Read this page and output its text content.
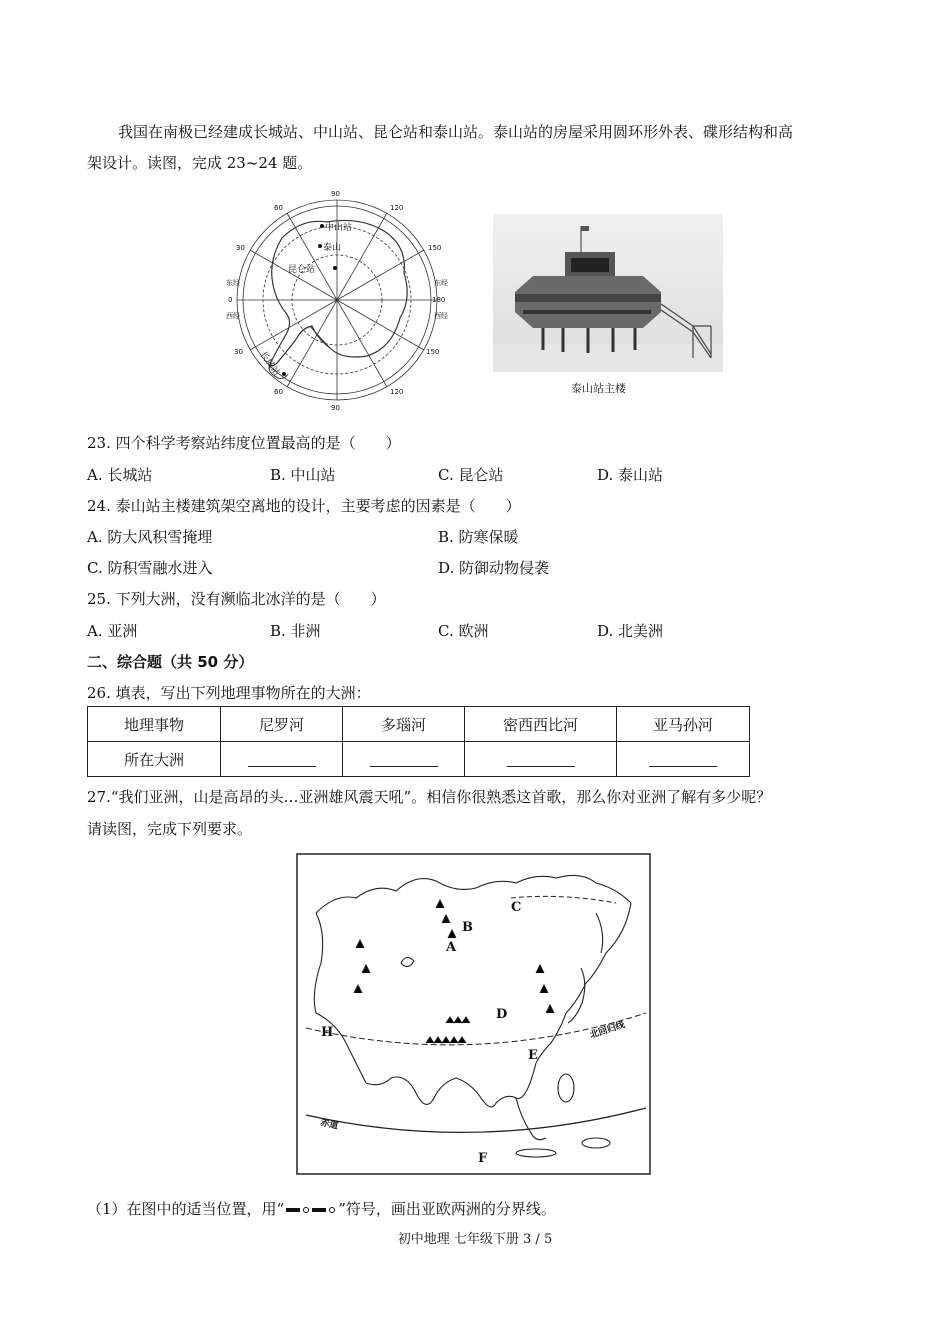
我国在南极已经建成长城站、中山站、昆仑站和泰山站。泰山站的房屋采用圆环形外表、碟形结构和高
架设计。读图，完成 23~24 题。
中山站
泰山
昆仑站
长城站
90
90
60	120
30	150
东经
0
西经
东经
180
西经
30	150
60	120	泰山站主楼
23. 四个科学考察站纬度位置最高的是（　　）
A. 长城站	B. 中山站	C. 昆仑站	D. 泰山站
24. 泰山站主楼建筑架空离地的设计，主要考虑的因素是（　　）
A. 防大风积雪掩埋	B. 防寒保暖
C. 防积雪融水进入	D. 防御动物侵袭
25. 下列大洲，没有濒临北冰洋的是（　　）
A. 亚洲	B. 非洲	C. 欧洲	D. 北美洲
二、综合题（共 50 分）
26. 填表，写出下列地理事物所在的大洲：
地理事物	尼罗河	多瑙河	密西西比河	亚马孙河
所在大洲				
27.“我们亚洲，山是高昂的头…亚洲雄风震天吼”。相信你很熟悉这首歌，那么你对亚洲了解有多少呢？
请读图，完成下列要求。
A
B
C
D
E
F
H	北回归线
赤道
（1）在图中的适当位置，用“	”符号，画出亚欧两洲的分界线。
初中地理 七年级下册 3 / 5
